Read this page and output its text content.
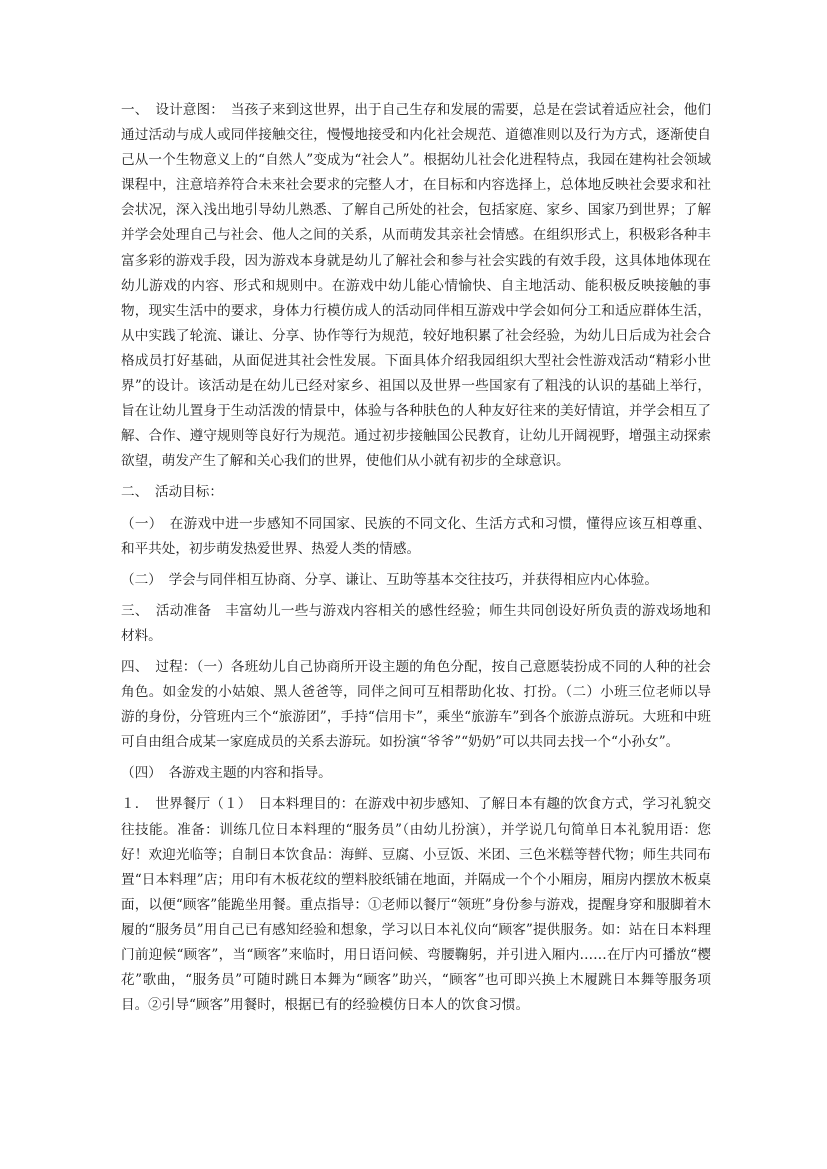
一、　设计意图：　当孩子来到这世界，出于自己生存和发展的需要，总是在尝试着适应社会，他们通过活动与成人或同伴接触交往，慢慢地接受和内化社会规范、道德准则以及行为方式，逐渐使自己从一个生物意义上的“自然人”变成为“社会人”。根据幼儿社会化进程特点，我园在建构社会领域课程中，注意培养符合未来社会要求的完整人才，在目标和内容选择上，总体地反映社会要求和社会状况，深入浅出地引导幼儿熟悉、了解自己所处的社会，包括家庭、家乡、国家乃到世界；了解并学会处理自己与社会、他人之间的关系，从而萌发其亲社会情感。在组织形式上，积极彩各种丰富多彩的游戏手段，因为游戏本身就是幼儿了解社会和参与社会实践的有效手段，这具体地体现在幼儿游戏的内容、形式和规则中。在游戏中幼儿能心情愉快、自主地活动、能积极反映接触的事物，现实生活中的要求，身体力行模仿成人的活动同伴相互游戏中学会如何分工和适应群体生活，从中实践了轮流、谦让、分享、协作等行为规范，较好地积累了社会经验，为幼儿日后成为社会合格成员打好基础，从面促进其社会性发展。下面具体介绍我园组织大型社会性游戏活动“精彩小世界”的设计。该活动是在幼儿已经对家乡、祖国以及世界一些国家有了粗浅的认识的基础上举行，旨在让幼儿置身于生动活泼的情景中，体验与各种肤色的人种友好往来的美好情谊，并学会相互了解、合作、遵守规则等良好行为规范。通过初步接触国公民教育，让幼儿开阔视野，增强主动探索欲望，萌发产生了解和关心我们的世界，使他们从小就有初步的全球意识。

二、　活动目标：

（一）　在游戏中进一步感知不同国家、民族的不同文化、生活方式和习惯，懂得应该互相尊重、和平共处，初步萌发热爱世界、热爱人类的情感。

（二）　学会与同伴相互协商、分享、谦让、互助等基本交往技巧，并获得相应内心体验。

三、　活动准备　丰富幼儿一些与游戏内容相关的感性经验；师生共同创设好所负责的游戏场地和材料。

四、　过程：（一）各班幼儿自己协商所开设主题的角色分配，按自己意愿装扮成不同的人种的社会角色。如金发的小姑娘、黑人爸爸等，同伴之间可互相帮助化妆、打扮。（二）小班三位老师以导游的身份，分管班内三个“旅游团”，手持“信用卡”，乘坐“旅游车”到各个旅游点游玩。大班和中班可自由组合成某一家庭成员的关系去游玩。如扮演“爷爷”“奶奶”可以共同去找一个“小孙女”。

（四）　各游戏主题的内容和指导。

１．　世界餐厅（１）　日本料理目的：在游戏中初步感知、了解日本有趣的饮食方式，学习礼貌交往技能。准备：训练几位日本料理的“服务员”（由幼儿扮演），并学说几句简单日本礼貌用语：您好！欢迎光临等；自制日本饮食品：海鲜、豆腐、小豆饭、米团、三色米糕等替代物；师生共同布置“日本料理”店；用印有木板花纹的塑料胶纸铺在地面，并隔成一个个小厢房，厢房内摆放木板桌面，以便“顾客”能跪坐用餐。重点指导：①老师以餐厅“领班”身份参与游戏，提醒身穿和服脚着木履的“服务员”用自己已有感知经验和想象，学习以日本礼仪向“顾客”提供服务。如：站在日本料理门前迎候“顾客”，当“顾客”来临时，用日语问候、弯腰鞠躬，并引进入厢内……在厅内可播放“樱花”歌曲，“服务员”可随时跳日本舞为“顾客”助兴，“顾客”也可即兴换上木履跳日本舞等服务项目。②引导“顾客”用餐时，根据已有的经验模仿日本人的饮食习惯。
